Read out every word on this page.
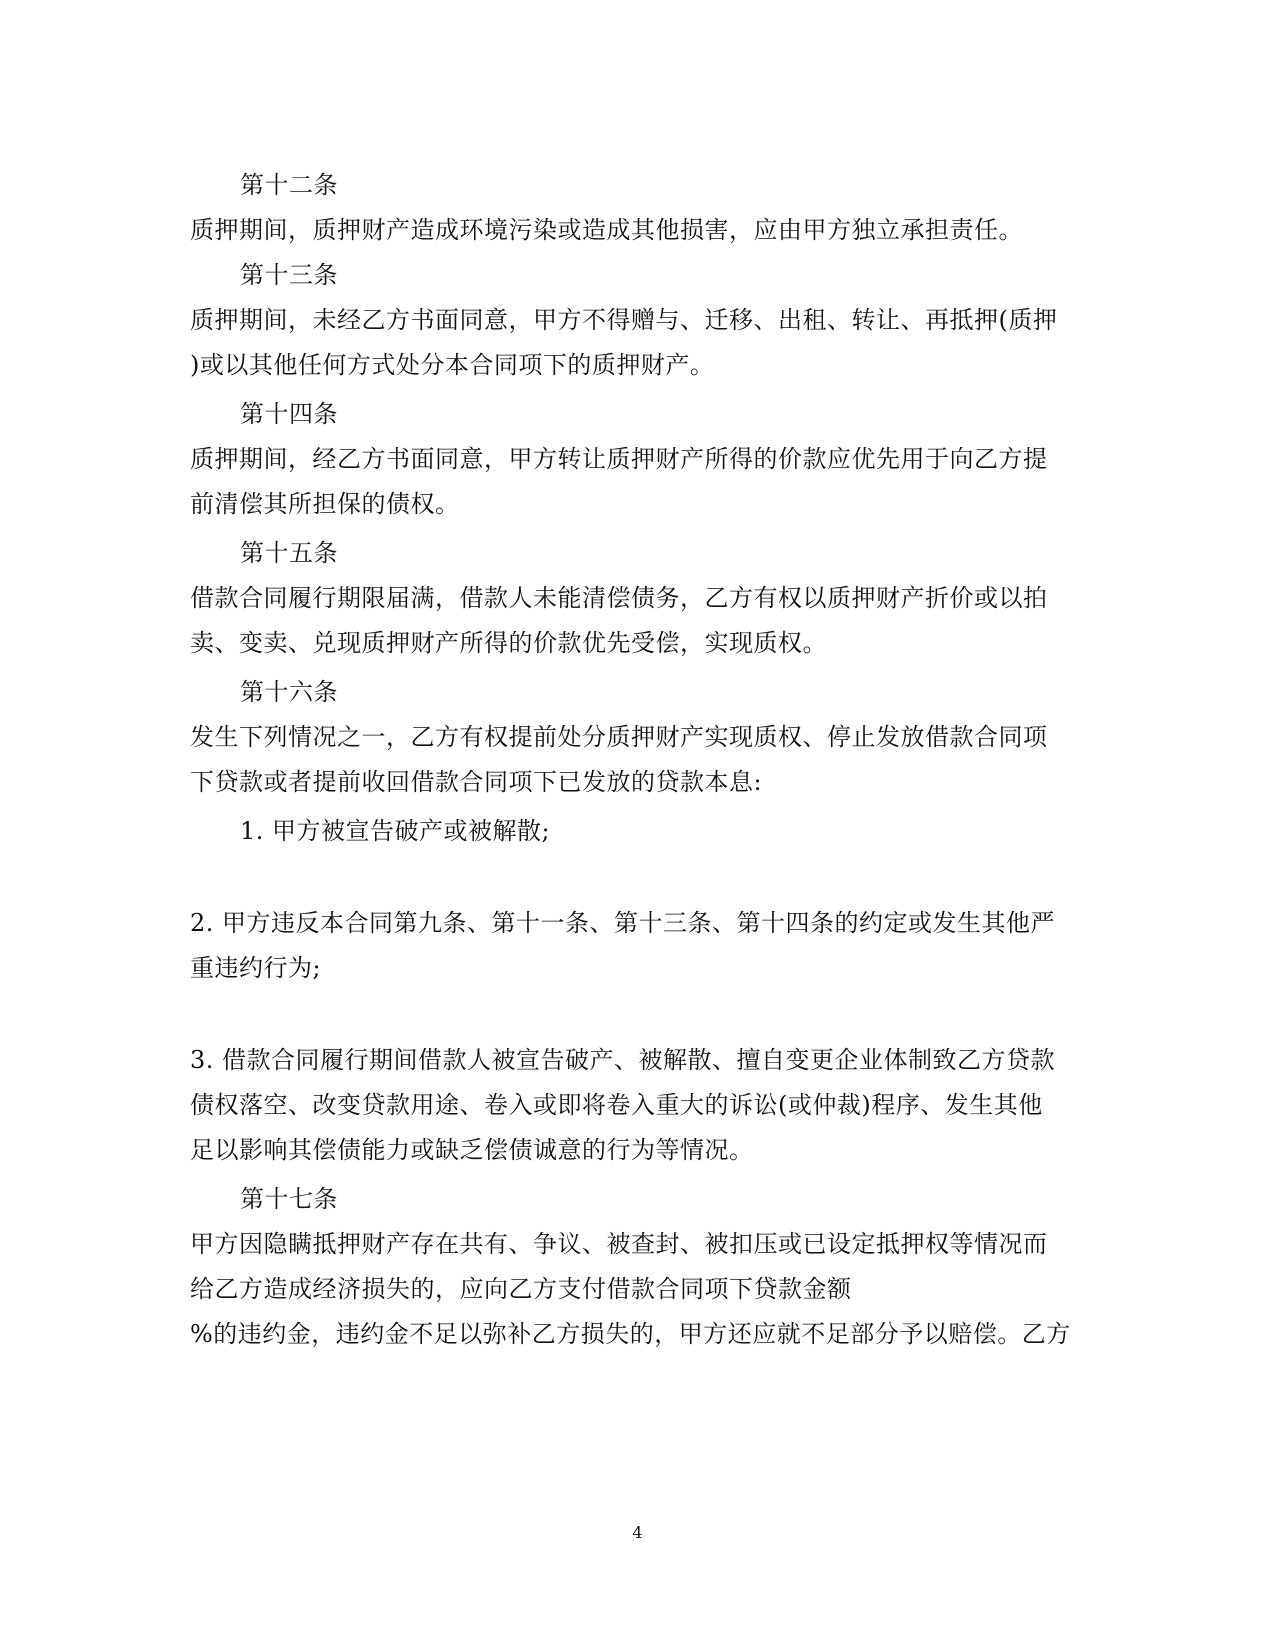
第十二条
质押期间，质押财产造成环境污染或造成其他损害，应由甲方独立承担责任。
第十三条
质押期间，未经乙方书面同意，甲方不得赠与、迁移、出租、转让、再抵押(质押
)或以其他任何方式处分本合同项下的质押财产。
第十四条
质押期间，经乙方书面同意，甲方转让质押财产所得的价款应优先用于向乙方提
前清偿其所担保的债权。
第十五条
借款合同履行期限届满，借款人未能清偿债务，乙方有权以质押财产折价或以拍
卖、变卖、兑现质押财产所得的价款优先受偿，实现质权。
第十六条
发生下列情况之一，乙方有权提前处分质押财产实现质权、停止发放借款合同项
下贷款或者提前收回借款合同项下已发放的贷款本息:
1. 甲方被宣告破产或被解散;
2. 甲方违反本合同第九条、第十一条、第十三条、第十四条的约定或发生其他严
重违约行为;
3. 借款合同履行期间借款人被宣告破产、被解散、擅自变更企业体制致乙方贷款
债权落空、改变贷款用途、卷入或即将卷入重大的诉讼(或仲裁)程序、发生其他
足以影响其偿债能力或缺乏偿债诚意的行为等情况。
第十七条
甲方因隐瞒抵押财产存在共有、争议、被查封、被扣压或已设定抵押权等情况而
给乙方造成经济损失的，应向乙方支付借款合同项下贷款金额
%的违约金，违约金不足以弥补乙方损失的，甲方还应就不足部分予以赔偿。乙方
4
